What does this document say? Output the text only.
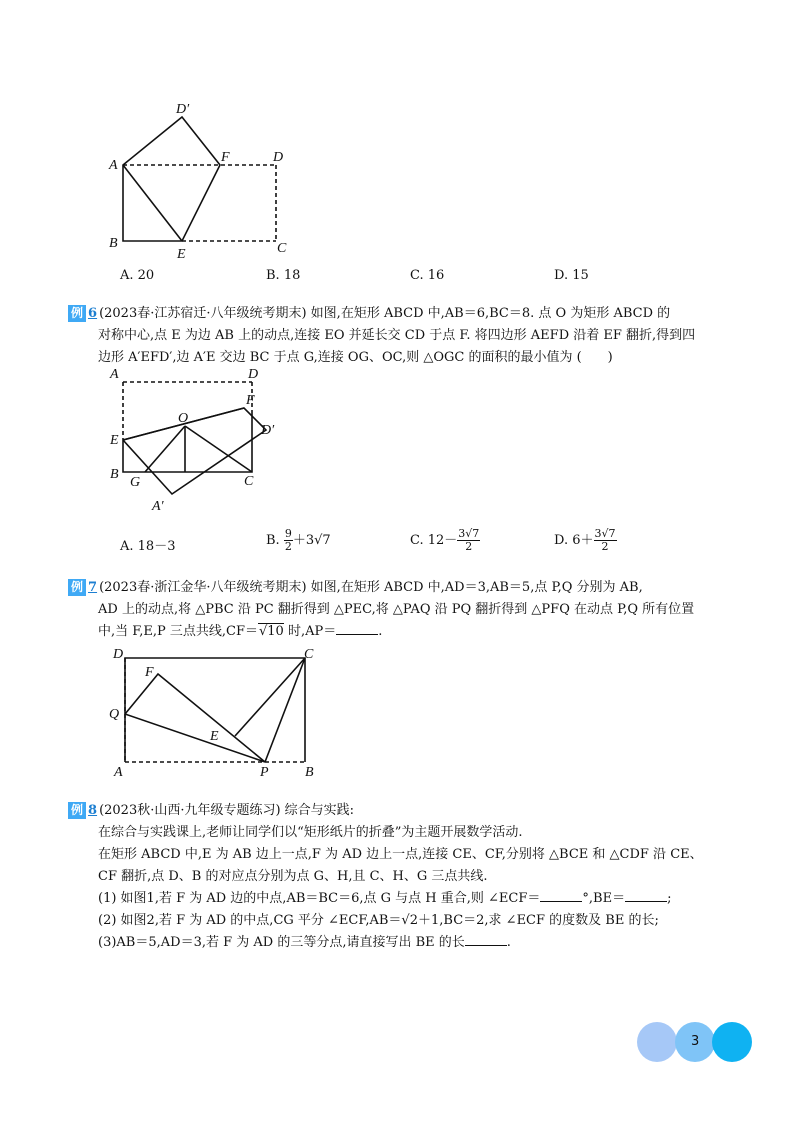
D′
A
F	D
B
E	C
A. 20	B. 18	C. 16	D. 15
例 6 (2023春·江苏宿迁·八年级统考期末) 如图,在矩形 ABCD 中,AB＝6,BC＝8. 点 O 为矩形 ABCD 的
对称中心,点 E 为边 AB 上的动点,连接 EO 并延长交 CD 于点 F. 将四边形 AEFD 沿着 EF 翻折,得到四
边形 A′EFD′,边 A′E 交边 BC 于点 G,连接 OG、OC,则 △OGC 的面积的最小值为 (　　)
A	D
F
O
D′
E
B
G	C
A′
A. 18－3	B. $\frac{9}{2} +3√7$	C. $12- \frac{3√7}{2}$	D. $6+ \frac{3√7}{2}$
例 7 (2023春·浙江金华·八年级统考期末) 如图,在矩形 ABCD 中,AD＝3,AB＝5,点 P,Q 分别为 AB,
AD 上的动点,将 △PBC 沿 PC 翻折得到 △PEC,将 △PAQ 沿 PQ 翻折得到 △PFQ 在动点 P,Q 所有位置
中,当 F,E,P 三点共线,CF＝√10 时,AP＝	.
D	C
F
Q
E
A	P	B
例 8 (2023秋·山西·九年级专题练习) 综合与实践:
在综合与实践课上,老师让同学们以“矩形纸片的折叠”为主题开展数学活动.
在矩形 ABCD 中,E 为 AB 边上一点,F 为 AD 边上一点,连接 CE、CF,分别将 △BCE 和 △CDF 沿 CE、
CF 翻折,点 D、B 的对应点分别为点 G、H,且 C、H、G 三点共线.
(1) 如图1,若 F 为 AD 边的中点,AB＝BC＝6,点 G 与点 H 重合,则 ∠ECF＝	°,BE＝	;
(2) 如图2,若 F 为 AD 的中点,CG 平分 ∠ECF,AB＝√2＋1,BC＝2,求 ∠ECF 的度数及 BE 的长;
(3)AB＝5,AD＝3,若 F 为 AD 的三等分点,请直接写出 BE 的长	.
3
